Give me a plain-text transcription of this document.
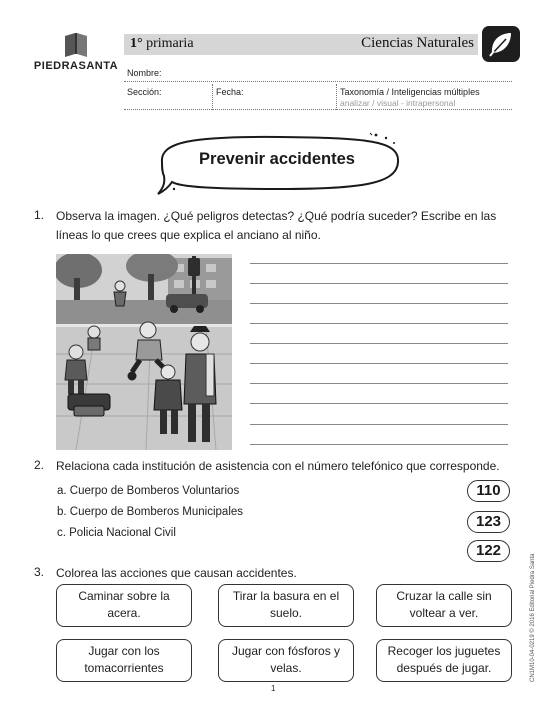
PIEDRASANTA
1° primaria	Ciencias Naturales
Nombre:
Sección:	Fecha:	Taxonomía / Inteligencias múltiples
analizar / visual - intrapersonal
Prevenir accidentes
1. Observa la imagen. ¿Qué peligros detectas? ¿Qué podría suceder? Escribe en las líneas lo que crees que explica el anciano al niño.
2. Relaciona cada institución de asistencia con el número telefónico que corresponde.
a. Cuerpo de Bomberos Voluntarios
b. Cuerpo de Bomberos Municipales
c. Policia Nacional Civil
110
123
122
3. Colorea las acciones que causan accidentes.
Caminar sobre la
acera.
Tirar la basura en el
suelo.
Cruzar la calle sin
voltear a ver.
Jugar con los
tomacorrientes
Jugar con fósforos y
velas.
Recoger los juguetes
después de jugar.
1
CN1M10-04-0219 © 2016 Editorial Piedra Santa
